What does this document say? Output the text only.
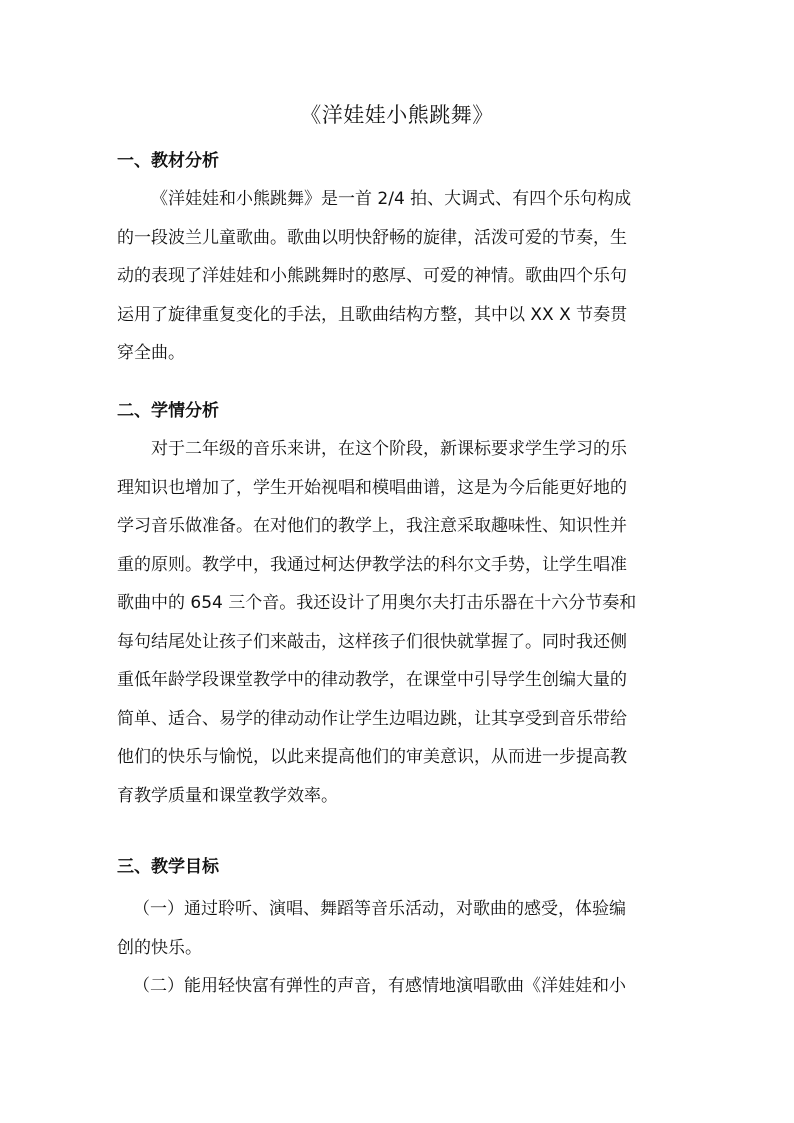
《洋娃娃小熊跳舞》
一、教材分析
《洋娃娃和小熊跳舞》是一首 2/4 拍、大调式、有四个乐句构成
的一段波兰儿童歌曲。歌曲以明快舒畅的旋律，活泼可爱的节奏，生
动的表现了洋娃娃和小熊跳舞时的憨厚、可爱的神情。歌曲四个乐句
运用了旋律重复变化的手法，且歌曲结构方整，其中以 XX X 节奏贯
穿全曲。
二、学情分析
对于二年级的音乐来讲，在这个阶段，新课标要求学生学习的乐
理知识也增加了，学生开始视唱和模唱曲谱，这是为今后能更好地的
学习音乐做准备。在对他们的教学上，我注意采取趣味性、知识性并
重的原则。教学中，我通过柯达伊教学法的科尔文手势，让学生唱准
歌曲中的 654 三个音。我还设计了用奥尔夫打击乐器在十六分节奏和
每句结尾处让孩子们来敲击，这样孩子们很快就掌握了。同时我还侧
重低年龄学段课堂教学中的律动教学，在课堂中引导学生创编大量的
简单、适合、易学的律动动作让学生边唱边跳，让其享受到音乐带给
他们的快乐与愉悦，以此来提高他们的审美意识，从而进一步提高教
育教学质量和课堂教学效率。
三、教学目标
（一）通过聆听、演唱、舞蹈等音乐活动，对歌曲的感受，体验编
创的快乐。
（二）能用轻快富有弹性的声音，有感情地演唱歌曲《洋娃娃和小
